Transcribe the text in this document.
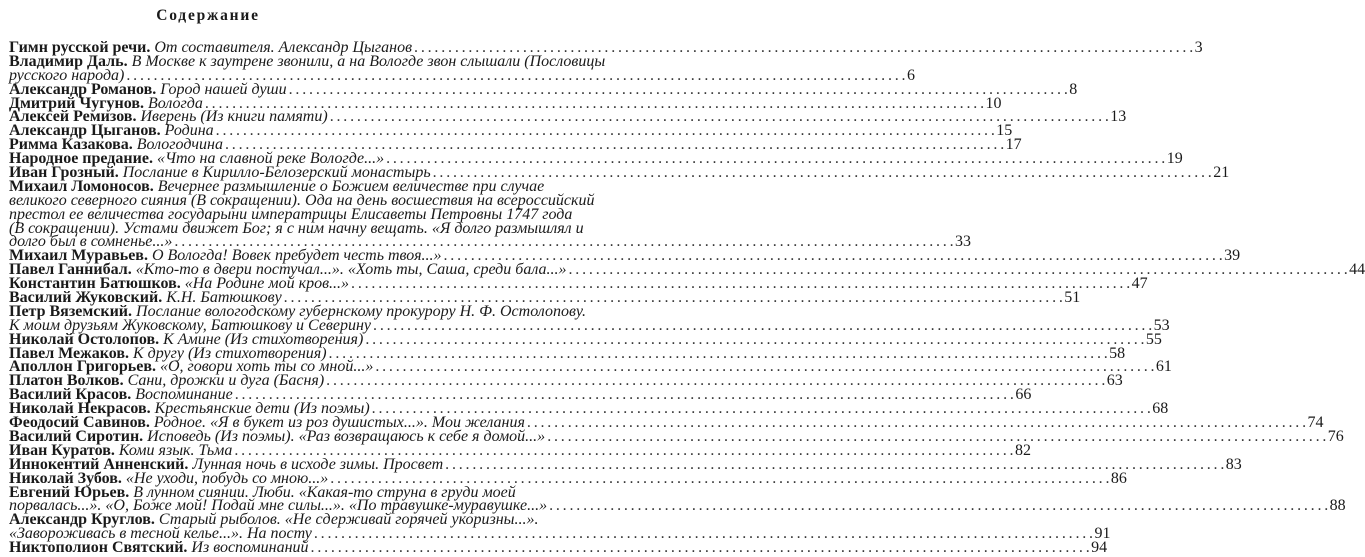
Содержание
Гимн русской речи. От составителя. Александр Цыганов . . .	3
Владимир Даль. В Москве к заутрене звонили, а на Вологде звон слышали (Пословицы
русского народа) . . .	6
Александр Романов. Город нашей души . . .	8
Дмитрий Чугунов. Вологда . . .	10
Алексей Ремизов. Иверень (Из книги памяти) . . .	13
Александр Цыганов. Родина . . .	15
Римма Казакова. Вологодчина . . .	17
Народное предание. «Что на славной реке Вологде...» . . .	19
Иван Грозный. Послание в Кирилло-Белозерский монастырь . . .	21
Михаил Ломоносов. Вечернее размышление о Божием величестве при случае
великого северного сияния (В сокращении). Ода на день восшествия на всероссийский
престол ее величества государыни императрицы Елисаветы Петровны 1747 года
(В сокращении). Устами движет Бог; я с ним начну вещать. «Я долго размышлял и
долго был в сомненье...» . . .	33
Михаил Муравьев. О Вологда! Вовек пребудет честь твоя...» . . .	39
Павел Ганнибал. «Кто-то в двери постучал...». «Хоть ты, Саша, среди бала...» . . .	44
Константин Батюшков. «На Родине мой кров...» . . .	47
Василий Жуковский. К.Н. Батюшкову . . .	51
Петр Вяземский. Послание вологодскому губернскому прокурору Н. Ф. Остолопову.
К моим друзьям Жуковскому, Батюшкову и Северину . . .	53
Николай Остолопов. К Амине (Из стихотворения) . . .	55
Павел Межаков. К другу (Из стихотворения) . . .	58
Аполлон Григорьев. «О, говори хоть ты со мной...» . . .	61
Платон Волков. Сани, дрожки и дуга (Басня) . . .	63
Василий Красов. Воспоминание . . .	66
Николай Некрасов. Крестьянские дети (Из поэмы) . . .	68
Феодосий Савинов. Родное. «Я в букет из роз душистых...». Мои желания . . .	74
Василий Сиротин. Исповедь (Из поэмы). «Раз возвращаюсь к себе я домой...» . . .	76
Иван Куратов. Коми язык. Тьма . . .	82
Иннокентий Анненский. Лунная ночь в исходе зимы. Просвет . . .	83
Николай Зубов. «Не уходи, побудь со мною...» . . .	86
Евгений Юрьев. В лунном сиянии. Люби. «Какая-то струна в груди моей
порвалась...». «О, Боже мой! Подай мне силы...». «По травушке-муравушке...» . . .	88
Александр Круглов. Старый рыболов. «Не сдерживай горячей укоризны...».
«Завороживась в тесной келье...». На посту . . .	91
Никтополион Святский. Из воспоминаний . . .	94
